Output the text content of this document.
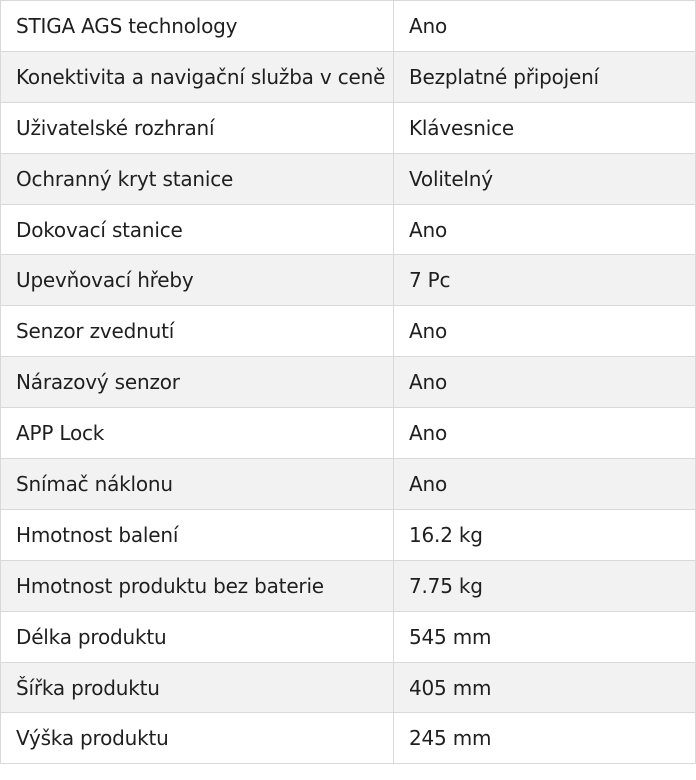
STIGA AGS technology	Ano
Konektivita a navigační služba v ceně	Bezplatné připojení
Uživatelské rozhraní	Klávesnice
Ochranný kryt stanice	Volitelný
Dokovací stanice	Ano
Upevňovací hřeby	7 Pc
Senzor zvednutí	Ano
Nárazový senzor	Ano
APP Lock	Ano
Snímač náklonu	Ano
Hmotnost balení	16.2 kg
Hmotnost produktu bez baterie	7.75 kg
Délka produktu	545 mm
Šířka produktu	405 mm
Výška produktu	245 mm
